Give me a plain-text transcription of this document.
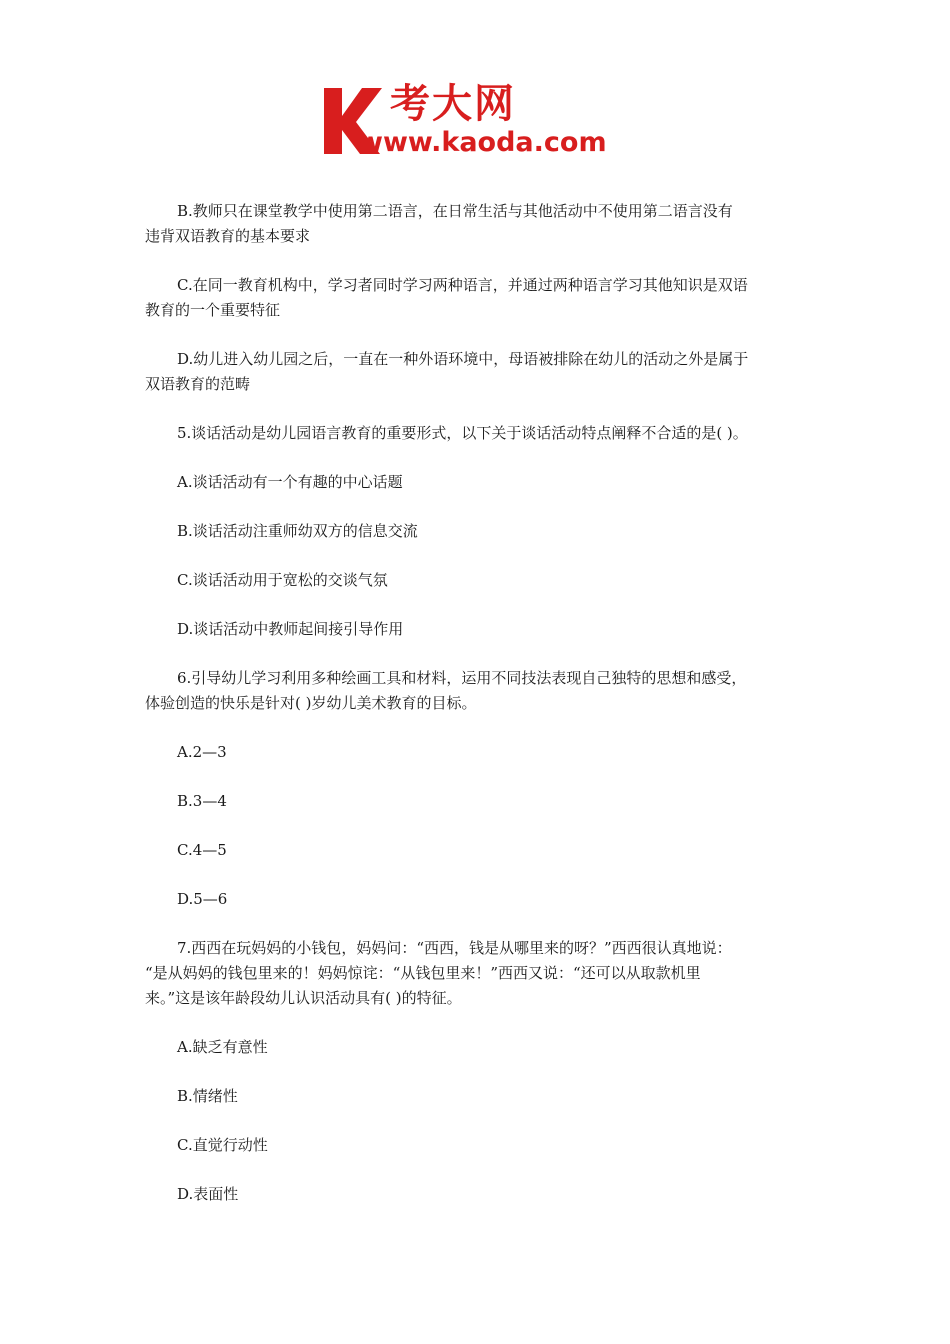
考大网
www.kaoda.com

B.教师只在课堂教学中使用第二语言，在日常生活与其他活动中不使用第二语言没有
违背双语教育的基本要求

C.在同一教育机构中，学习者同时学习两种语言，并通过两种语言学习其他知识是双语
教育的一个重要特征

D.幼儿进入幼儿园之后，一直在一种外语环境中，母语被排除在幼儿的活动之外是属于
双语教育的范畴

5.谈话活动是幼儿园语言教育的重要形式，以下关于谈话活动特点阐释不合适的是( )。

A.谈话活动有一个有趣的中心话题

B.谈话活动注重师幼双方的信息交流

C.谈话活动用于宽松的交谈气氛

D.谈话活动中教师起间接引导作用

6.引导幼儿学习利用多种绘画工具和材料，运用不同技法表现自己独特的思想和感受，
体验创造的快乐是针对( )岁幼儿美术教育的目标。

A.2—3

B.3—4

C.4—5

D.5—6

7.西西在玩妈妈的小钱包，妈妈问：“西西，钱是从哪里来的呀？”西西很认真地说：
“是从妈妈的钱包里来的！妈妈惊诧：“从钱包里来！”西西又说：“还可以从取款机里
来。”这是该年龄段幼儿认识活动具有( )的特征。

A.缺乏有意性

B.情绪性

C.直觉行动性

D.表面性
